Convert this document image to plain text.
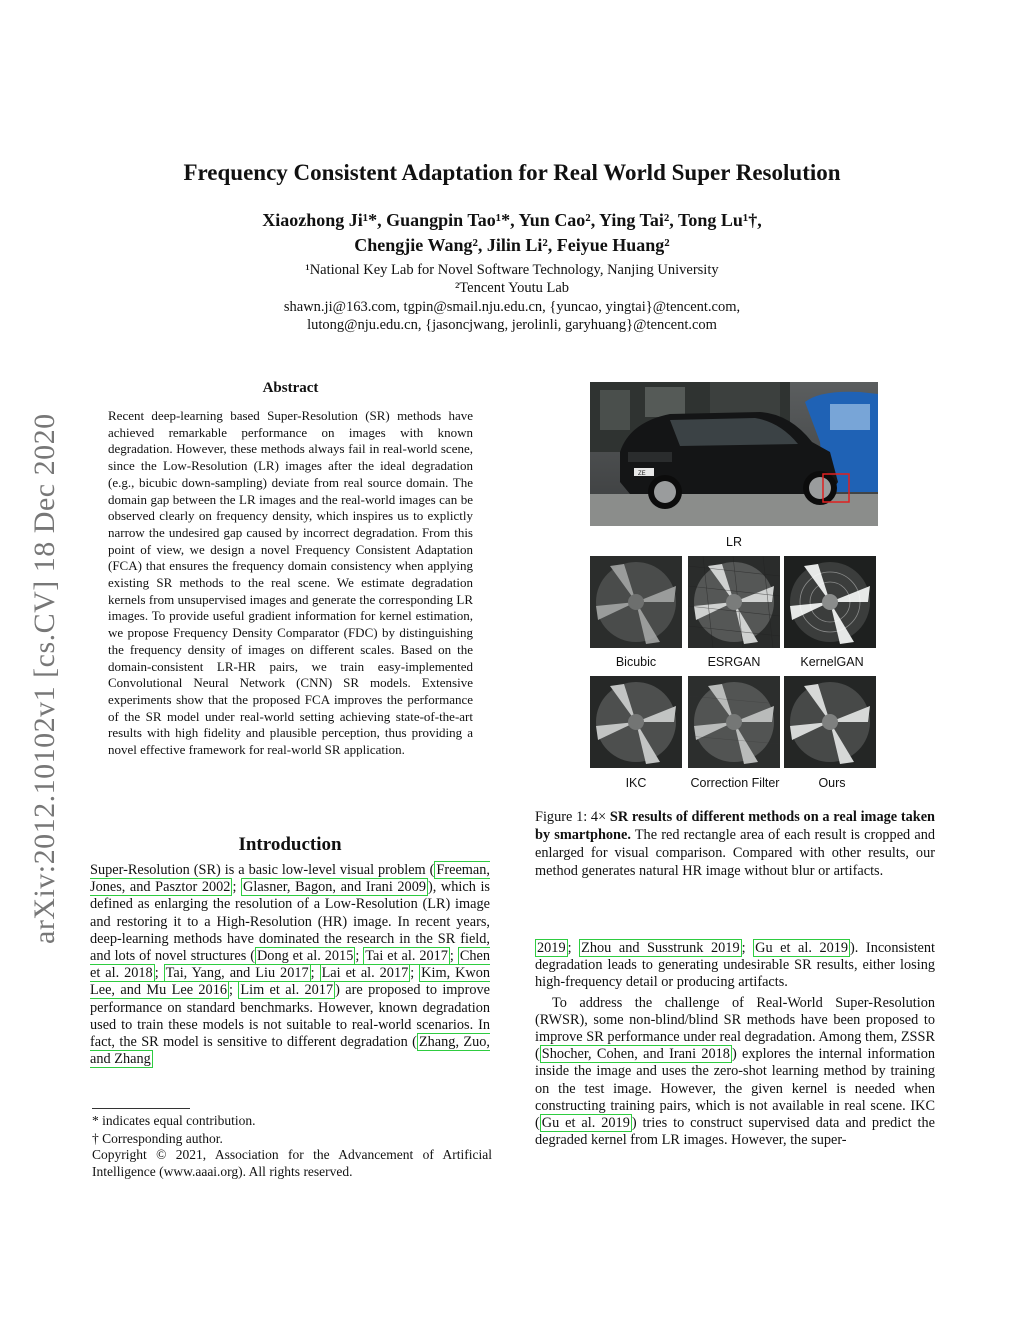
arXiv:2012.10102v1 [cs.CV] 18 Dec 2020
Frequency Consistent Adaptation for Real World Super Resolution
Xiaozhong Ji¹*, Guangpin Tao¹*, Yun Cao², Ying Tai², Tong Lu¹†,
Chengjie Wang², Jilin Li², Feiyue Huang²
¹National Key Lab for Novel Software Technology, Nanjing University
²Tencent Youtu Lab
shawn.ji@163.com, tgpin@smail.nju.edu.cn, {yuncao, yingtai}@tencent.com,
lutong@nju.edu.cn, {jasoncjwang, jerolinli, garyhuang}@tencent.com
Abstract
Recent deep-learning based Super-Resolution (SR) methods have achieved remarkable performance on images with known degradation. However, these methods always fail in real-world scene, since the Low-Resolution (LR) images after the ideal degradation (e.g., bicubic down-sampling) deviate from real source domain. The domain gap between the LR images and the real-world images can be observed clearly on frequency density, which inspires us to explictly narrow the undesired gap caused by incorrect degradation. From this point of view, we design a novel Frequency Consistent Adaptation (FCA) that ensures the frequency domain consistency when applying existing SR methods to the real scene. We estimate degradation kernels from unsupervised images and generate the corresponding LR images. To provide useful gradient information for kernel estimation, we propose Frequency Density Comparator (FDC) by distinguishing the frequency density of images on different scales. Based on the domain-consistent LR-HR pairs, we train easy-implemented Convolutional Neural Network (CNN) SR models. Extensive experiments show that the proposed FCA improves the performance of the SR model under real-world setting achieving state-of-the-art results with high fidelity and plausible perception, thus providing a novel effective framework for real-world SR application.
Introduction

Super-Resolution (SR) is a basic low-level visual problem ( Freeman, Jones, and Pasztor 2002 ; Glasner, Bagon, and Irani 2009 ), which is defined as enlarging the resolution of a Low-Resolution (LR) image and restoring it to a High-Resolution (HR) image. In recent years, deep-learning methods have dominated the research in the SR field, and lots of novel structures ( Dong et al. 2015 ; Tai et al. 2017 ; Chen et al. 2018 ; Tai, Yang, and Liu 2017 ; Lai et al. 2017 ; Kim, Kwon Lee, and Mu Lee 2016 ; Lim et al. 2017 ) are proposed to improve performance on standard benchmarks. However, known degradation used to train these models is not suitable to real-world scenarios. In fact, the SR model is sensitive to different degradation ( Zhang, Zuo, and Zhang

* indicates equal contribution.
† Corresponding author.
Copyright © 2021, Association for the Advancement of Artificial Intelligence (www.aaai.org). All rights reserved.
ZE
LR
Bicubic	ESRGAN	KernelGAN
IKC	Correction Filter	Ours
Figure 1: 4× SR results of different methods on a real image taken by smartphone. The red rectangle area of each result is cropped and enlarged for visual comparison. Compared with other results, our method generates natural HR image without blur or artifacts.

2019 ; Zhou and Susstrunk 2019 ; Gu et al. 2019 ). Inconsistent degradation leads to generating undesirable SR results, either losing high-frequency detail or producing artifacts.

To address the challenge of Real-World Super-Resolution (RWSR), some non-blind/blind SR methods have been proposed to improve SR performance under real degradation. Among them, ZSSR ( Shocher, Cohen, and Irani 2018 ) explores the internal information inside the image and uses the zero-shot learning method by training on the test image. However, the given kernel is needed when constructing training pairs, which is not available in real scene. IKC ( Gu et al. 2019 ) tries to construct supervised data and predict the degraded kernel from LR images. However, the super-
